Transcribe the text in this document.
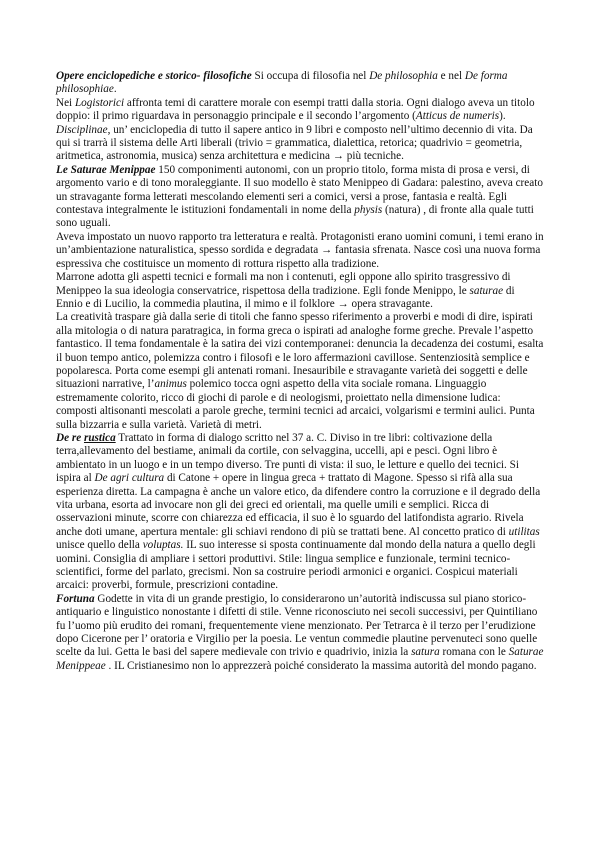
Opere enciclopediche e storico- filosofiche Si occupa di filosofia nel De philosophia e nel De forma philosophiae.

Nei Logistorici affronta temi di carattere morale con esempi tratti dalla storia. Ogni dialogo aveva un titolo doppio: il primo riguardava in personaggio principale e il secondo l’argomento (Atticus de numeris).

Disciplinae, un’ enciclopedia di tutto il sapere antico in 9 libri e composto nell’ultimo decennio di vita. Da qui si trarrà il sistema delle Arti liberali (trivio = grammatica, dialettica, retorica; quadrivio = geometria, aritmetica, astronomia, musica) senza architettura e medicina → più tecniche.

Le Saturae Menippae 150 componimenti autonomi, con un proprio titolo, forma mista di prosa e versi, di argomento vario e di tono moraleggiante. Il suo modello è stato Menippeo di Gadara: palestino, aveva creato un stravagante forma letterati mescolando elementi seri a comici, versi a prose, fantasia e realtà. Egli contestava integralmente le istituzioni fondamentali in nome della physis (natura) , di fronte alla quale tutti sono uguali.

Aveva impostato un nuovo rapporto tra letteratura e realtà. Protagonisti erano uomini comuni, i temi erano in un’ambientazione naturalistica, spesso sordida e degradata → fantasia sfrenata. Nasce così una nuova forma espressiva che costituisce un momento di rottura rispetto alla tradizione.

Marrone adotta gli aspetti tecnici e formali ma non i contenuti, egli oppone allo spirito trasgressivo di Menippeo la sua ideologia conservatrice, rispettosa della tradizione. Egli fonde Menippo, le saturae di Ennio e di Lucilio, la commedia plautina, il mimo e il folklore → opera stravagante.

La creatività traspare già dalla serie di titoli che fanno spesso riferimento a proverbi e modi di dire, ispirati alla mitologia o di natura paratragica, in forma greca o ispirati ad analoghe forme greche. Prevale l’aspetto fantastico. Il tema fondamentale è la satira dei vizi contemporanei: denuncia la decadenza dei costumi, esalta il buon tempo antico, polemizza contro i filosofi e le loro affermazioni cavillose. Sentenziosità semplice e popolaresca. Porta come esempi gli antenati romani. Inesauribile e stravagante varietà dei soggetti e delle situazioni narrative, l’animus polemico tocca ogni aspetto della vita sociale romana. Linguaggio estremamente colorito, ricco di giochi di parole e di neologismi, proiettato nella dimensione ludica: composti altisonanti mescolati a parole greche, termini tecnici ad arcaici, volgarismi e termini aulici. Punta sulla bizzarria e sulla varietà. Varietà di metri.

De re rustica Trattato in forma di dialogo scritto nel 37 a. C. Diviso in tre libri: coltivazione della terra,allevamento del bestiame, animali da cortile, con selvaggina, uccelli, api e pesci. Ogni libro è ambientato in un luogo e in un tempo diverso. Tre punti di vista: il suo, le letture e quello dei tecnici. Si ispira al De agri cultura di Catone + opere in lingua greca + trattato di Magone. Spesso si rifà alla sua esperienza diretta. La campagna è anche un valore etico, da difendere contro la corruzione e il degrado della vita urbana, esorta ad invocare non gli dei greci ed orientali, ma quelle umili e semplici. Ricca di osservazioni minute, scorre con chiarezza ed efficacia, il suo è lo sguardo del latifondista agrario. Rivela anche doti umane, apertura mentale: gli schiavi rendono di più se trattati bene. Al concetto pratico di utilitas unisce quello della voluptas. IL suo interesse si sposta continuamente dal mondo della natura a quello degli uomini. Consiglia di ampliare i settori produttivi. Stile: lingua semplice e funzionale, termini tecnico-scientifici, forme del parlato, grecismi. Non sa costruire periodi armonici e organici. Cospicui materiali arcaici: proverbi, formule, prescrizioni contadine.

Fortuna Godette in vita di un grande prestigio, lo considerarono un’autorità indiscussa sul piano storico-antiquario e linguistico nonostante i difetti di stile. Venne riconosciuto nei secoli successivi, per Quintiliano fu l’uomo più erudito dei romani, frequentemente viene menzionato. Per Tetrarca è il terzo per l’erudizione dopo Cicerone per l’ oratoria e Virgilio per la poesia. Le ventun commedie plautine pervenuteci sono quelle scelte da lui. Getta le basi del sapere medievale con trivio e quadrivio, inizia la satura romana con le Saturae Menippeae . IL Cristianesimo non lo apprezzerà poiché considerato la massima autorità del mondo pagano.
